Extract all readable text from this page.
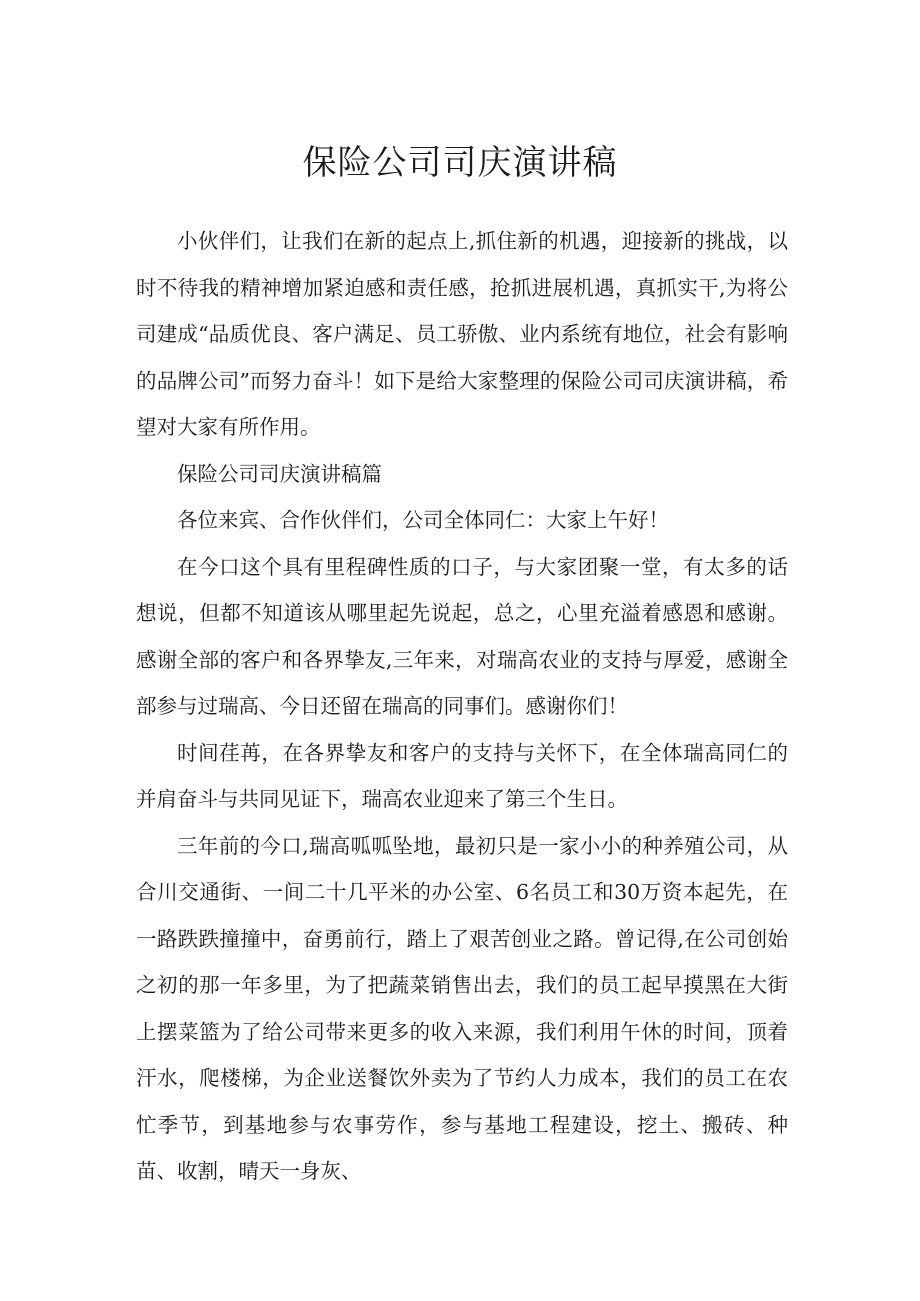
保险公司司庆演讲稿

小伙伴们，让我们在新的起点上,抓住新的机遇，迎接新的挑战，以时不待我的精神增加紧迫感和责任感，抢抓进展机遇，真抓实干,为将公司建成“品质优良、客户满足、员工骄傲、业内系统有地位，社会有影响的品牌公司”而努力奋斗！如下是给大家整理的保险公司司庆演讲稿，希望对大家有所作用。

保险公司司庆演讲稿篇

各位来宾、合作伙伴们，公司全体同仁：大家上午好！

在今口这个具有里程碑性质的口子，与大家团聚一堂，有太多的话想说，但都不知道该从哪里起先说起，总之，心里充溢着感恩和感谢。感谢全部的客户和各界挚友,三年来，对瑞高农业的支持与厚爱，感谢全部参与过瑞高、今日还留在瑞高的同事们。感谢你们！

时间荏苒，在各界挚友和客户的支持与关怀下，在全体瑞高同仁的并肩奋斗与共同见证下，瑞高农业迎来了第三个生日。

三年前的今口,瑞高呱呱坠地，最初只是一家小小的种养殖公司，从合川交通街、一间二十几平米的办公室、6名员工和30万资本起先，在一路跌跌撞撞中，奋勇前行，踏上了艰苦创业之路。曾记得,在公司创始之初的那一年多里，为了把蔬菜销售出去，我们的员工起早摸黑在大街上摆菜篮为了给公司带来更多的收入来源，我们利用午休的时间，顶着汗水，爬楼梯，为企业送餐饮外卖为了节约人力成本，我们的员工在农忙季节，到基地参与农事劳作，参与基地工程建设，挖土、搬砖、种苗、收割，晴天一身灰、
